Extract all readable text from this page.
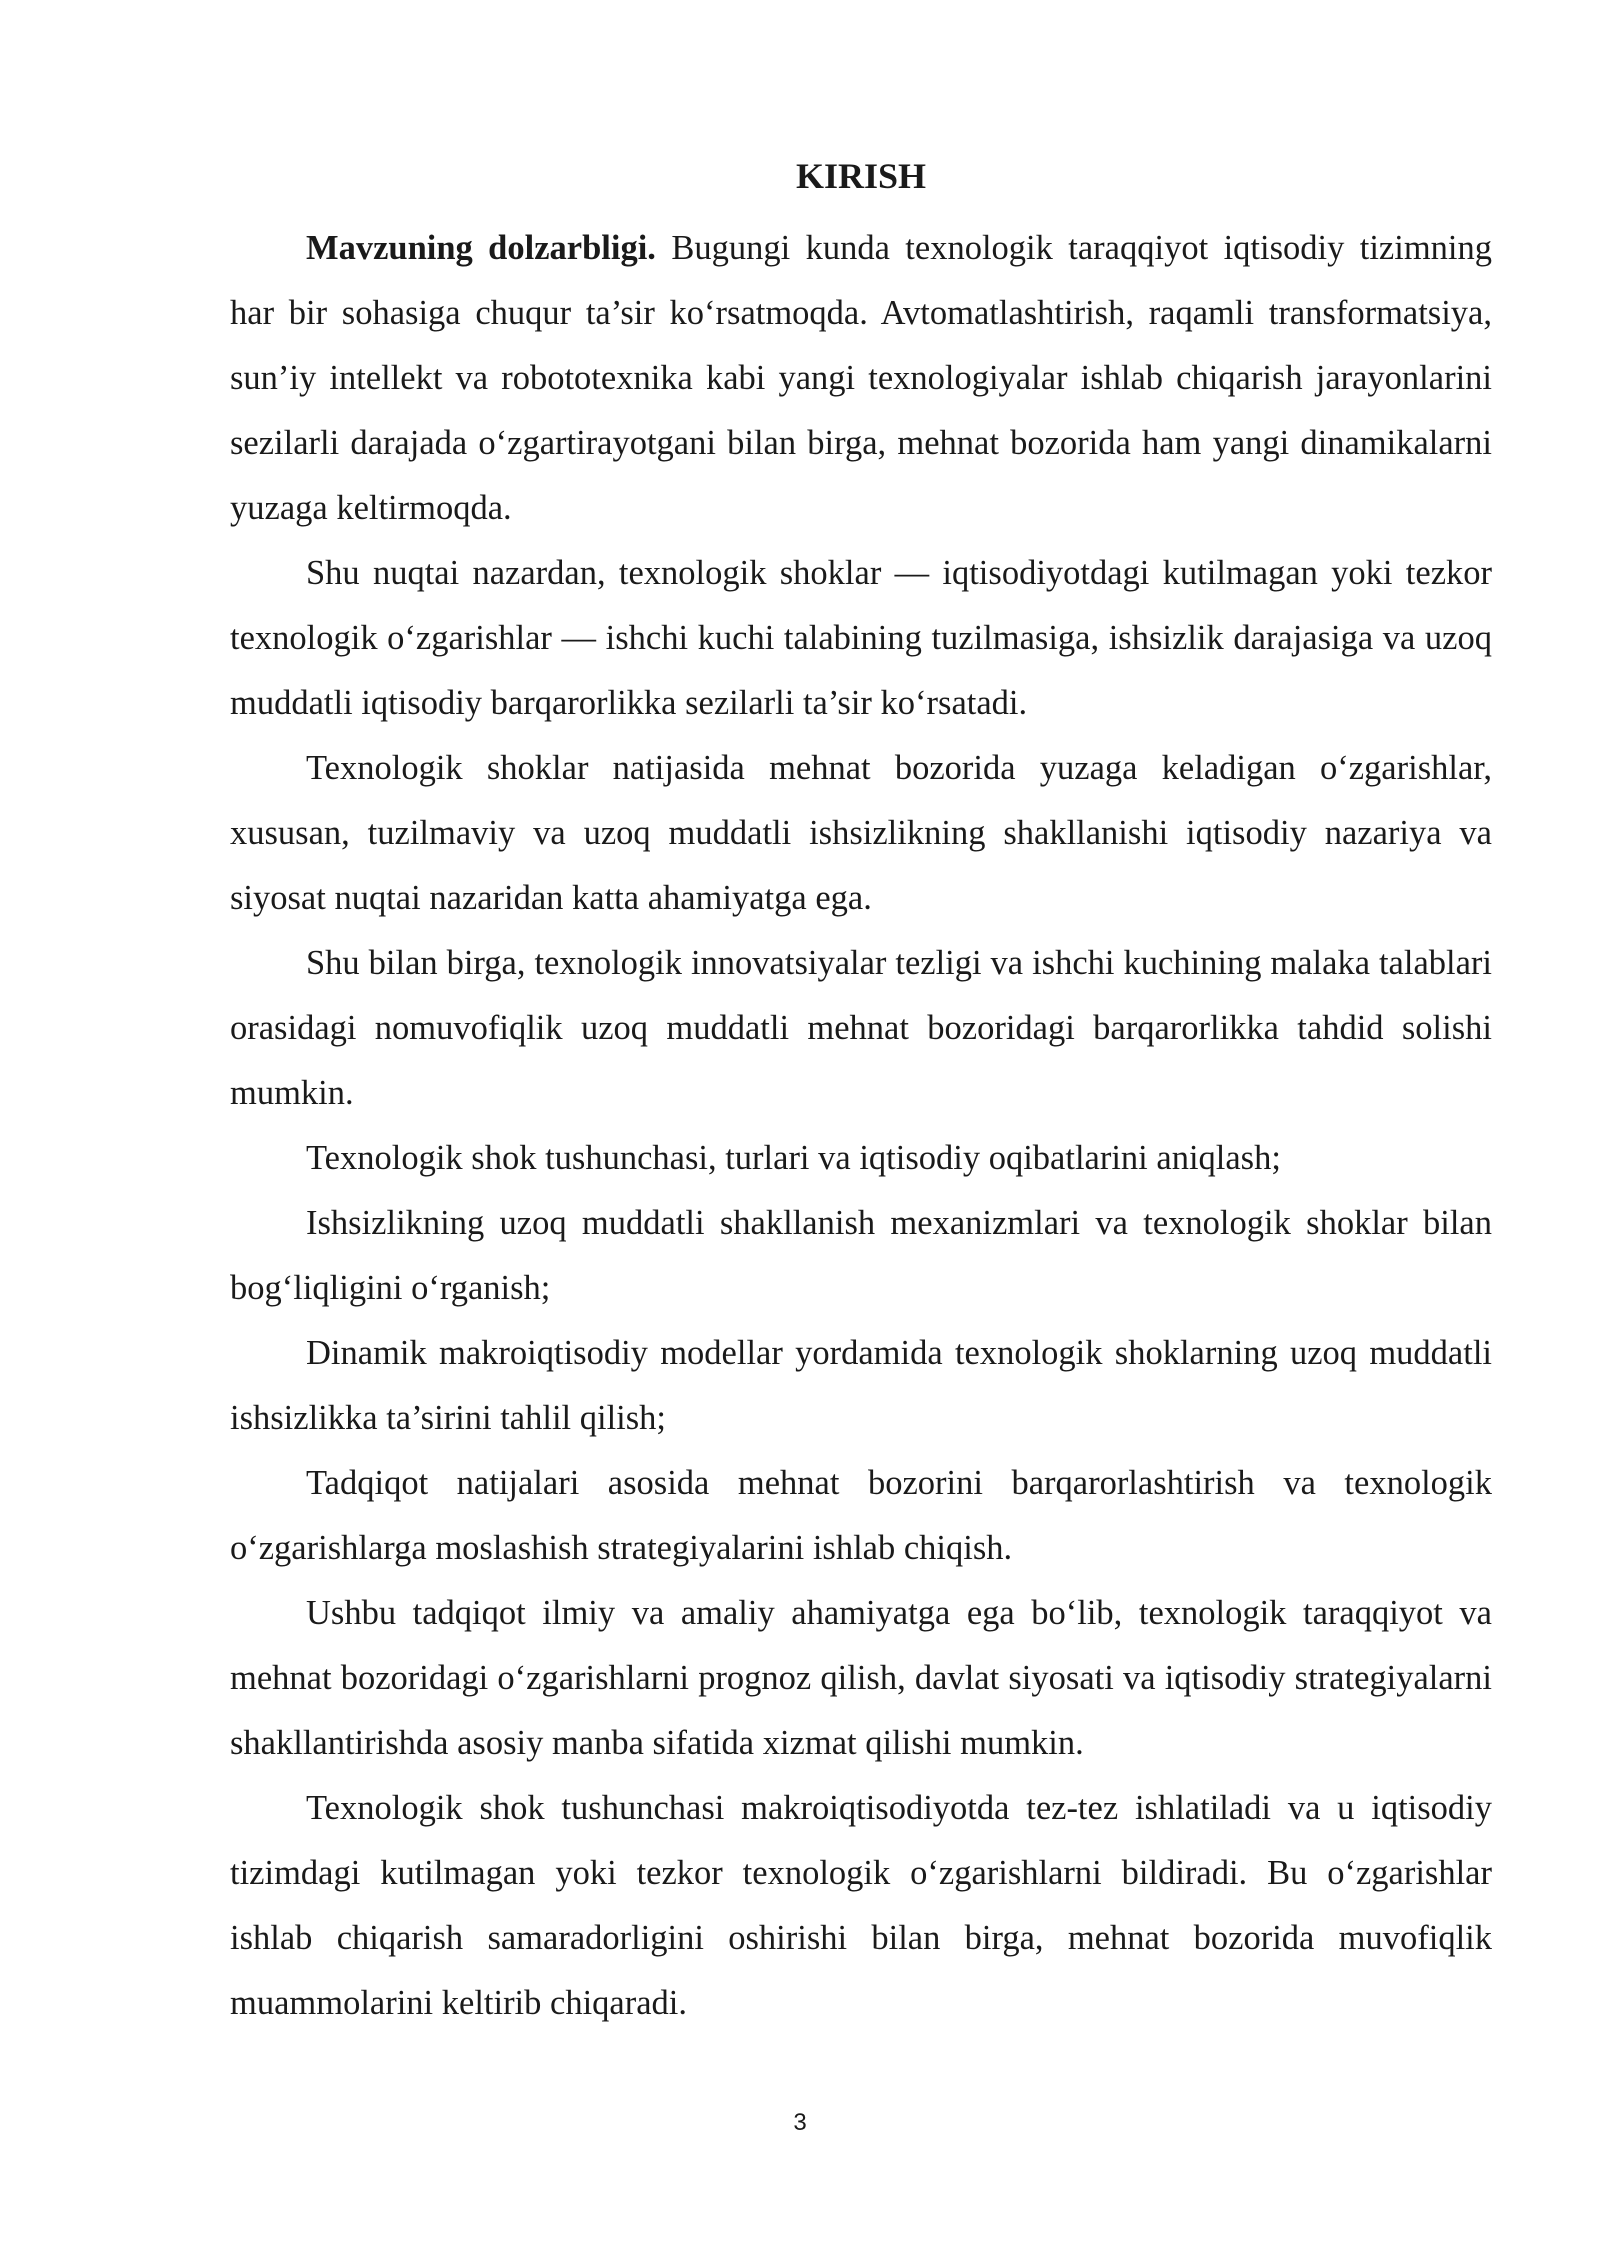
KIRISH

Mavzuning dolzarbligi. Bugungi kunda texnologik taraqqiyot iqtisodiy tizimning har bir sohasiga chuqur ta’sir koʻrsatmoqda. Avtomatlashtirish, raqamli transformatsiya, sun’iy intellekt va robototexnika kabi yangi texnologiyalar ishlab chiqarish jarayonlarini sezilarli darajada oʻzgartirayotgani bilan birga, mehnat bozorida ham yangi dinamikalarni yuzaga keltirmoqda.

Shu nuqtai nazardan, texnologik shoklar — iqtisodiyotdagi kutilmagan yoki tezkor texnologik oʻzgarishlar — ishchi kuchi talabining tuzilmasiga, ishsizlik darajasiga va uzoq muddatli iqtisodiy barqarorlikka sezilarli ta’sir koʻrsatadi.

Texnologik shoklar natijasida mehnat bozorida yuzaga keladigan oʻzgarishlar, xususan, tuzilmaviy va uzoq muddatli ishsizlikning shakllanishi iqtisodiy nazariya va siyosat nuqtai nazaridan katta ahamiyatga ega.

Shu bilan birga, texnologik innovatsiyalar tezligi va ishchi kuchining malaka talablari orasidagi nomuvofiqlik uzoq muddatli mehnat bozoridagi barqarorlikka tahdid solishi mumkin.

Texnologik shok tushunchasi, turlari va iqtisodiy oqibatlarini aniqlash;

Ishsizlikning uzoq muddatli shakllanish mexanizmlari va texnologik shoklar bilan bogʻliqligini oʻrganish;

Dinamik makroiqtisodiy modellar yordamida texnologik shoklarning uzoq muddatli ishsizlikka ta’sirini tahlil qilish;

Tadqiqot natijalari asosida mehnat bozorini barqarorlashtirish va texnologik oʻzgarishlarga moslashish strategiyalarini ishlab chiqish.

Ushbu tadqiqot ilmiy va amaliy ahamiyatga ega boʻlib, texnologik taraqqiyot va mehnat bozoridagi oʻzgarishlarni prognoz qilish, davlat siyosati va iqtisodiy strategiyalarni shakllantirishda asosiy manba sifatida xizmat qilishi mumkin.

Texnologik shok tushunchasi makroiqtisodiyotda tez-tez ishlatiladi va u iqtisodiy tizimdagi kutilmagan yoki tezkor texnologik oʻzgarishlarni bildiradi. Bu oʻzgarishlar ishlab chiqarish samaradorligini oshirishi bilan birga, mehnat bozorida muvofiqlik muammolarini keltirib chiqaradi.

3
